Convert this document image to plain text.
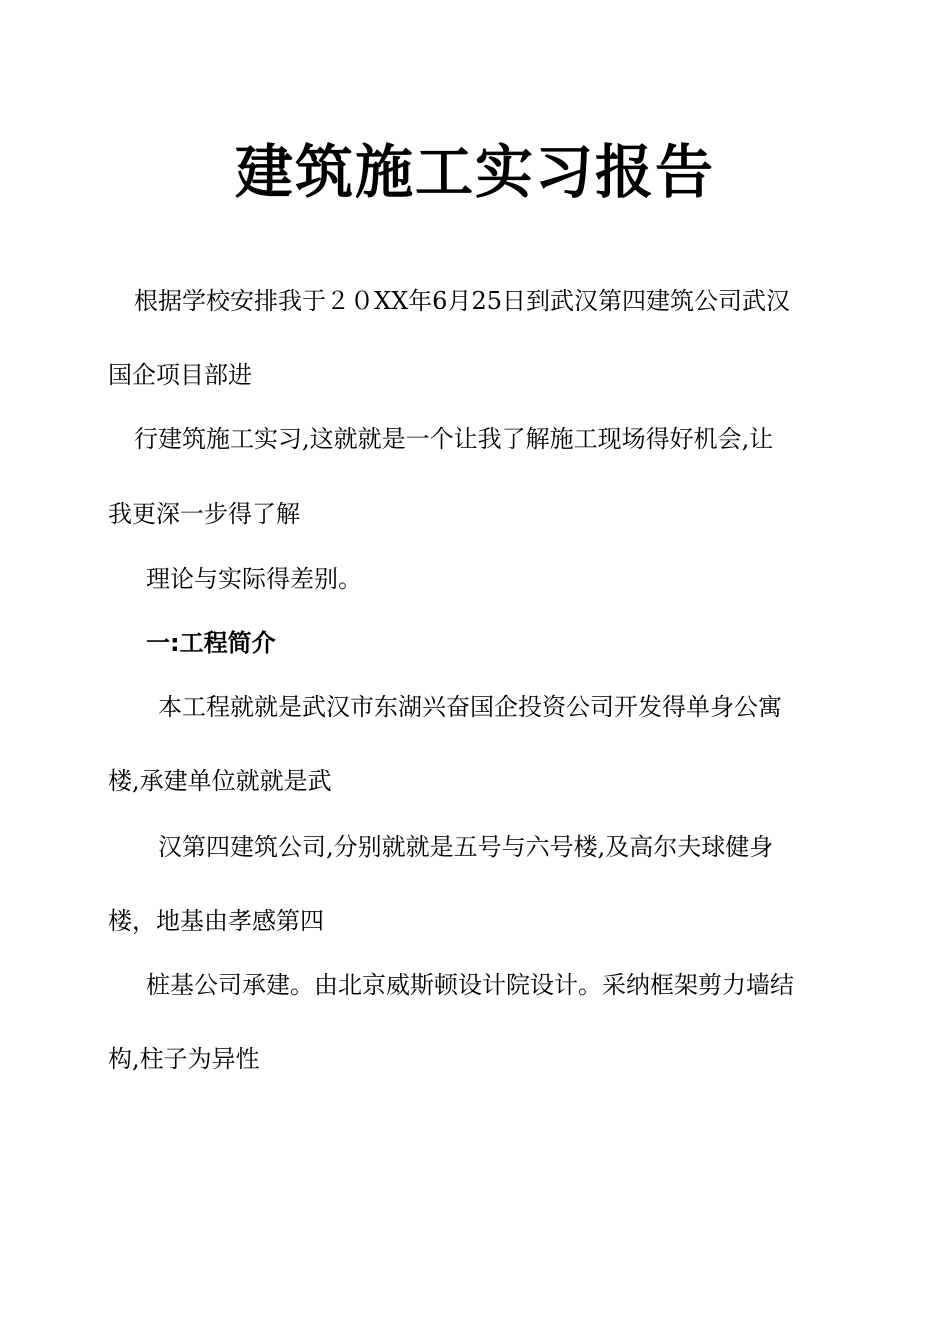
建筑施工实习报告
根据学校安排我于２０XX年6月25日到武汉第四建筑公司武汉
国企项目部进
行建筑施工实习,这就就是一个让我了解施工现场得好机会,让
我更深一步得了解
理论与实际得差别。
一:工程简介
本工程就就是武汉市东湖兴奋国企投资公司开发得单身公寓
楼,承建单位就就是武
汉第四建筑公司,分别就就是五号与六号楼,及高尔夫球健身
楼，地基由孝感第四
桩基公司承建。由北京威斯顿设计院设计。采纳框架剪力墙结
构,柱子为异性
